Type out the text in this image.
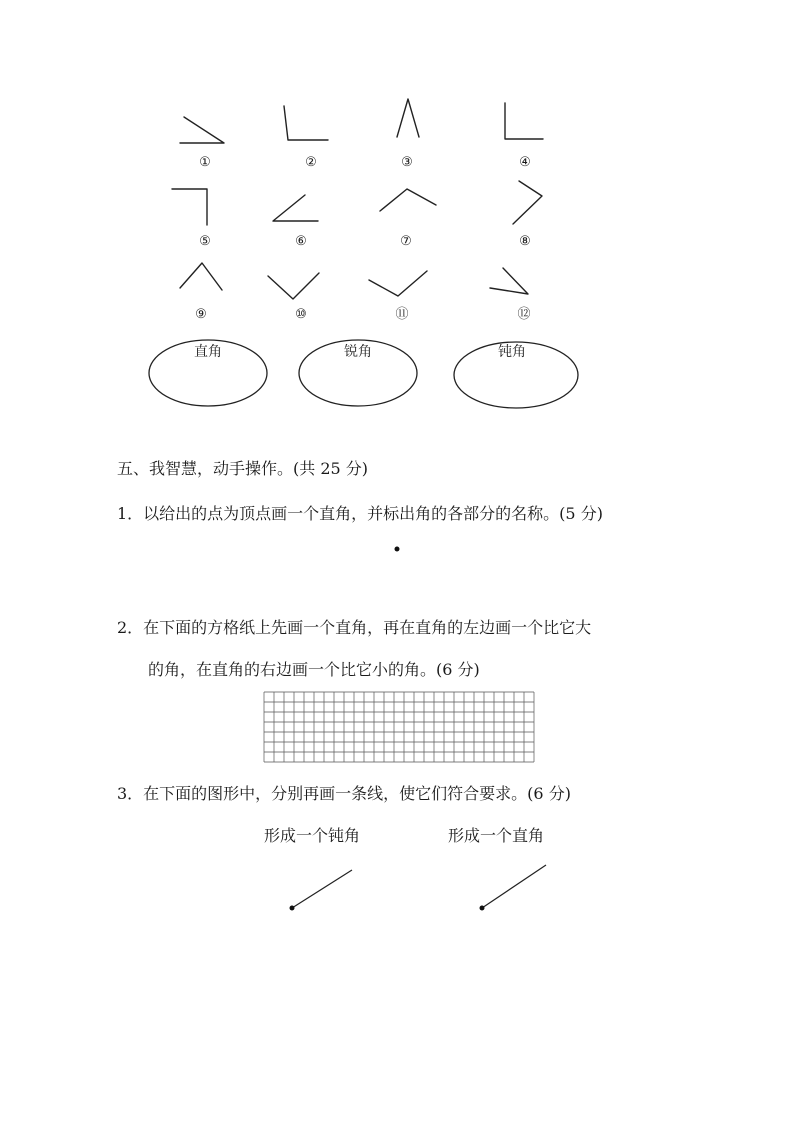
①	②	③	④
⑤	⑥	⑦	⑧
⑨	⑩	⑪	⑫
直角	锐角	钝角
五、我智慧，动手操作。(共 25 分)
1．以给出的点为顶点画一个直角，并标出角的各部分的名称。(5 分)
2．在下面的方格纸上先画一个直角，再在直角的左边画一个比它大
的角，在直角的右边画一个比它小的角。(6 分)
3．在下面的图形中，分别再画一条线，使它们符合要求。(6 分)
形成一个钝角	形成一个直角
